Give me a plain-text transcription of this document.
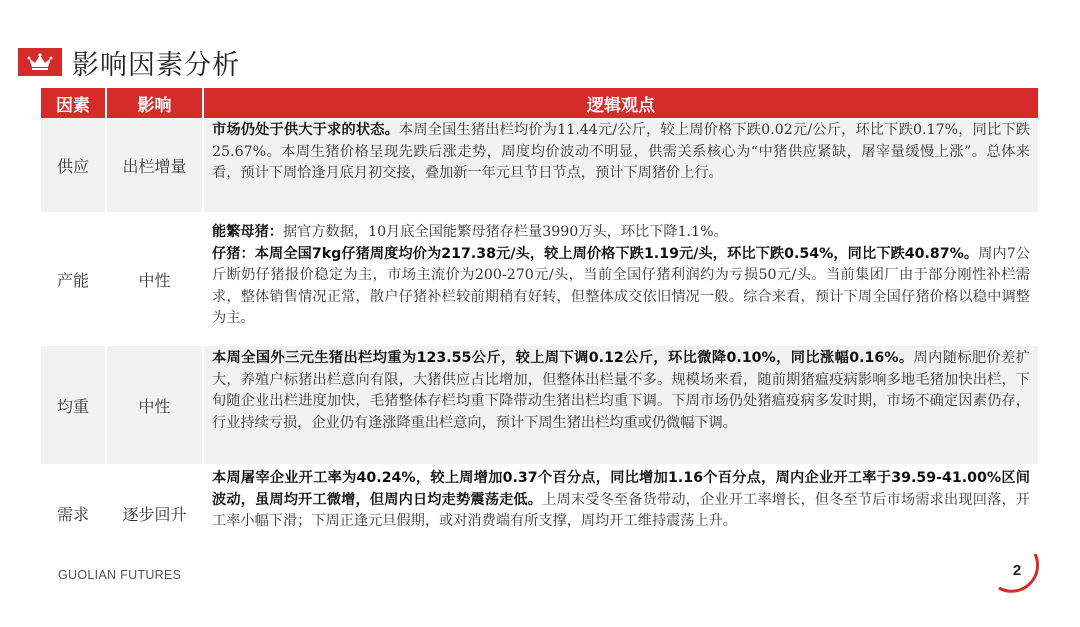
影响因素分析
因素	影响	逻辑观点
供应	出栏增量
市场仍处于供大于求的状态。本周全国生猪出栏均价为11.44元/公斤，较上周价格下跌0.02元/公斤，环比下跌0.17%，同比下跌25.67%。本周生猪价格呈现先跌后涨走势，周度均价波动不明显，供需关系核心为“中猪供应紧缺，屠宰量缓慢上涨”。总体来看，预计下周恰逢月底月初交接，叠加新一年元旦节日节点，预计下周猪价上行。
产能	中性
能繁母猪：据官方数据，10月底全国能繁母猪存栏量3990万头，环比下降1.1%。
仔猪：本周全国7kg仔猪周度均价为217.38元/头，较上周价格下跌1.19元/头，环比下跌0.54%，同比下跌40.87%。周内7公斤断奶仔猪报价稳定为主，市场主流价为200-270元/头，当前全国仔猪利润约为亏损50元/头。当前集团厂由于部分刚性补栏需求，整体销售情况正常，散户仔猪补栏较前期稍有好转，但整体成交依旧情况一般。综合来看，预计下周全国仔猪价格以稳中调整为主。
均重	中性
本周全国外三元生猪出栏均重为123.55公斤，较上周下调0.12公斤，环比微降0.10%，同比涨幅0.16%。周内随标肥价差扩大，养殖户标猪出栏意向有限，大猪供应占比增加，但整体出栏量不多。规模场来看，随前期猪瘟疫病影响多地毛猪加快出栏，下旬随企业出栏进度加快，毛猪整体存栏均重下降带动生猪出栏均重下调。下周市场仍处猪瘟疫病多发时期，市场不确定因素仍存，行业持续亏损，企业仍有逢涨降重出栏意向，预计下周生猪出栏均重或仍微幅下调。
需求	逐步回升
本周屠宰企业开工率为40.24%，较上周增加0.37个百分点，同比增加1.16个百分点，周内企业开工率于39.59-41.00%区间波动，虽周均开工微增，但周内日均走势震荡走低。上周末受冬至备货带动，企业开工率增长，但冬至节后市场需求出现回落，开工率小幅下滑；下周正逢元旦假期，或对消费端有所支撑，周均开工维持震荡上升。
GUOLIAN FUTURES	2
